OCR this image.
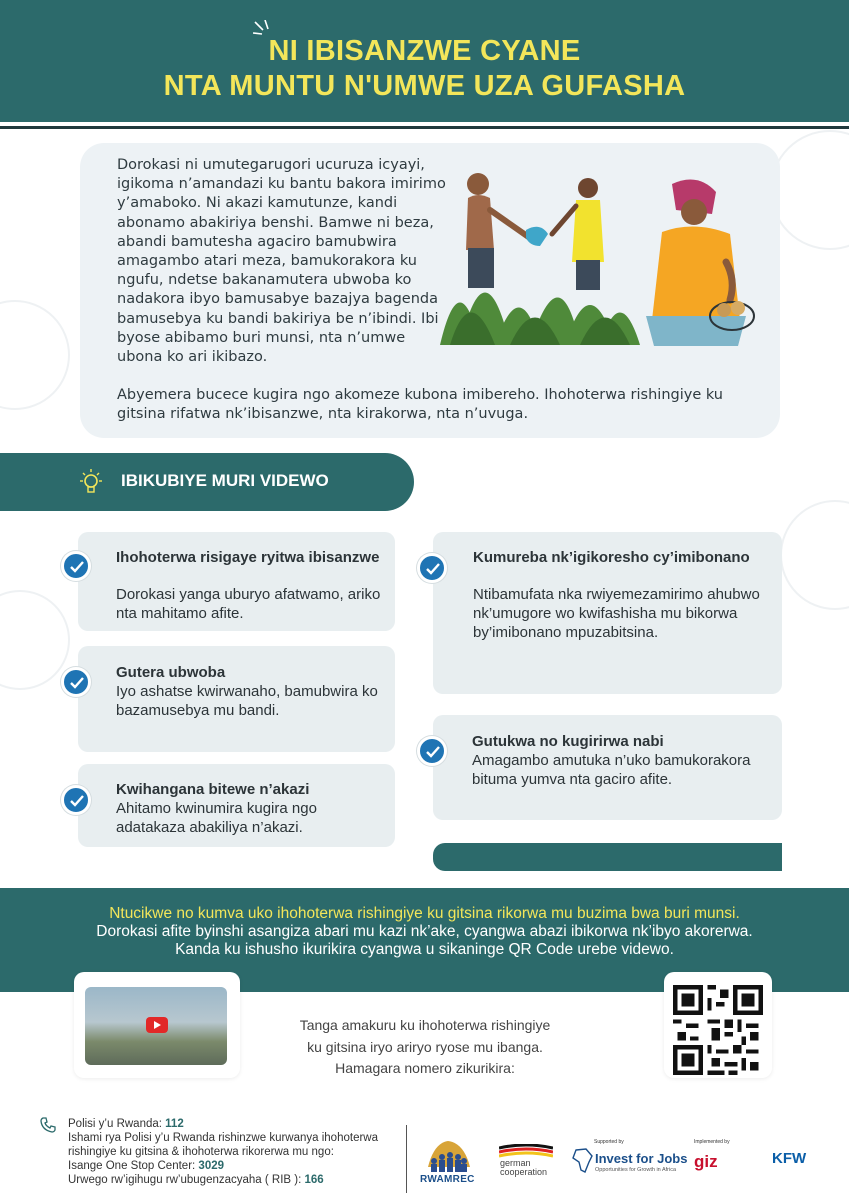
NI IBISANZWE CYANE
NTA MUNTU N'UMWE UZA GUFASHA
Dorokasi ni umutegarugori ucuruza icyayi, igikoma n’amandazi ku bantu bakora imirimo y’amaboko. Ni akazi kamutunze, kandi abonamo abakiriya benshi. Bamwe ni beza, abandi bamutesha agaciro bamubwira amagambo atari meza, bamukorakora ku ngufu, ndetse bakanamutera ubwoba ko nadakora ibyo bamusabye bazajya bagenda bamusebya ku bandi bakiriya be n’ibindi. Ibi byose abibamo buri munsi, nta n’umwe ubona ko ari ikibazo.
Abyemera bucece kugira ngo akomeze kubona imibereho. Ihohoterwa rishingiye ku gitsina rifatwa nk’ibisanzwe, nta kirakorwa, nta n’uvuga.
IBIKUBIYE MURI VIDEWO
Ihohoterwa risigaye ryitwa ibisanzwe
Dorokasi yanga uburyo afatwamo, ariko nta mahitamo afite.
Gutera ubwoba
Iyo ashatse kwirwanaho, bamubwira ko bazamusebya mu bandi.
Kwihangana bitewe n’akazi
Ahitamo kwinumira kugira ngo adatakaza abakiliya n’akazi.
Kumureba nk’igikoresho cy’imibonano
Ntibamufata nka rwiyemezamirimo ahubwo nk’umugore wo kwifashisha mu bikorwa by’imibonano mpuzabitsina.
Gutukwa no kugirirwa nabi
Amagambo amutuka n’uko bamukorakora bituma yumva nta gaciro afite.
Ntucikwe no kumva uko ihohoterwa rishingiye ku gitsina rikorwa mu buzima bwa buri munsi.
Dorokasi afite byinshi asangiza abari mu kazi nk’ake, cyangwa abazi ibikorwa nk’ibyo akorerwa.
Kanda ku ishusho ikurikira cyangwa u sikaninge QR Code urebe videwo.
Tanga amakuru ku ihohoterwa rishingiye
ku gitsina iryo ariryo ryose mu ibanga.
Hamagara nomero zikurikira:
Polisi y’u Rwanda: 112
Ishami rya Polisi y’u Rwanda rishinzwe kurwanya ihohoterwa rishingiye ku gitsina & ihohoterwa rikorerwa mu ngo:
Isange One Stop Center: 3029
Urwego rw’igihugu rw’ubugenzacyaha ( RIB ): 166	RWAMREC
german
cooperation
Supported by
Invest for Jobs
Opportunities for Growth in Africa
Implemented by
giz	KFW
